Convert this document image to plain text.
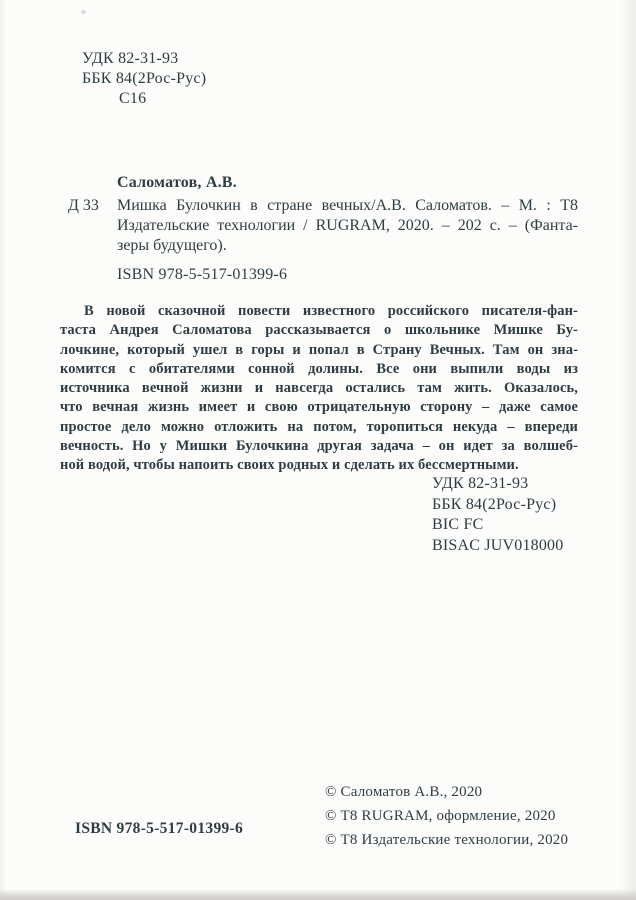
УДК 82-31-93
ББК 84(2Рос-Рус)
С16
Саломатов, А.В.
Д 33	Мишка Булочкин в стране вечных/А.В. Саломатов. – М. : Т8
Издательские технологии / RUGRAM, 2020. – 202 с. – (Фанта-
зеры будущего).
ISBN 978-5-517-01399-6
В новой сказочной повести известного российского писателя-фан-
таста Андрея Саломатова рассказывается о школьнике Мишке Бу-
лочкине, который ушел в горы и попал в Страну Вечных. Там он зна-
комится с обитателями сонной долины. Все они выпили воды из
источника вечной жизни и навсегда остались там жить. Оказалось,
что вечная жизнь имеет и свою отрицательную сторону – даже самое
простое дело можно отложить на потом, торопиться некуда – впереди
вечность. Но у Мишки Булочкина другая задача – он идет за волшеб-
ной водой, чтобы напоить своих родных и сделать их бессмертными.
УДК 82-31-93
ББК 84(2Рос-Рус)
BIC FC
BISAC JUV018000
© Саломатов А.В., 2020
© Т8 RUGRAM, оформление, 2020
© Т8 Издательские технологии, 2020
ISBN 978-5-517-01399-6
